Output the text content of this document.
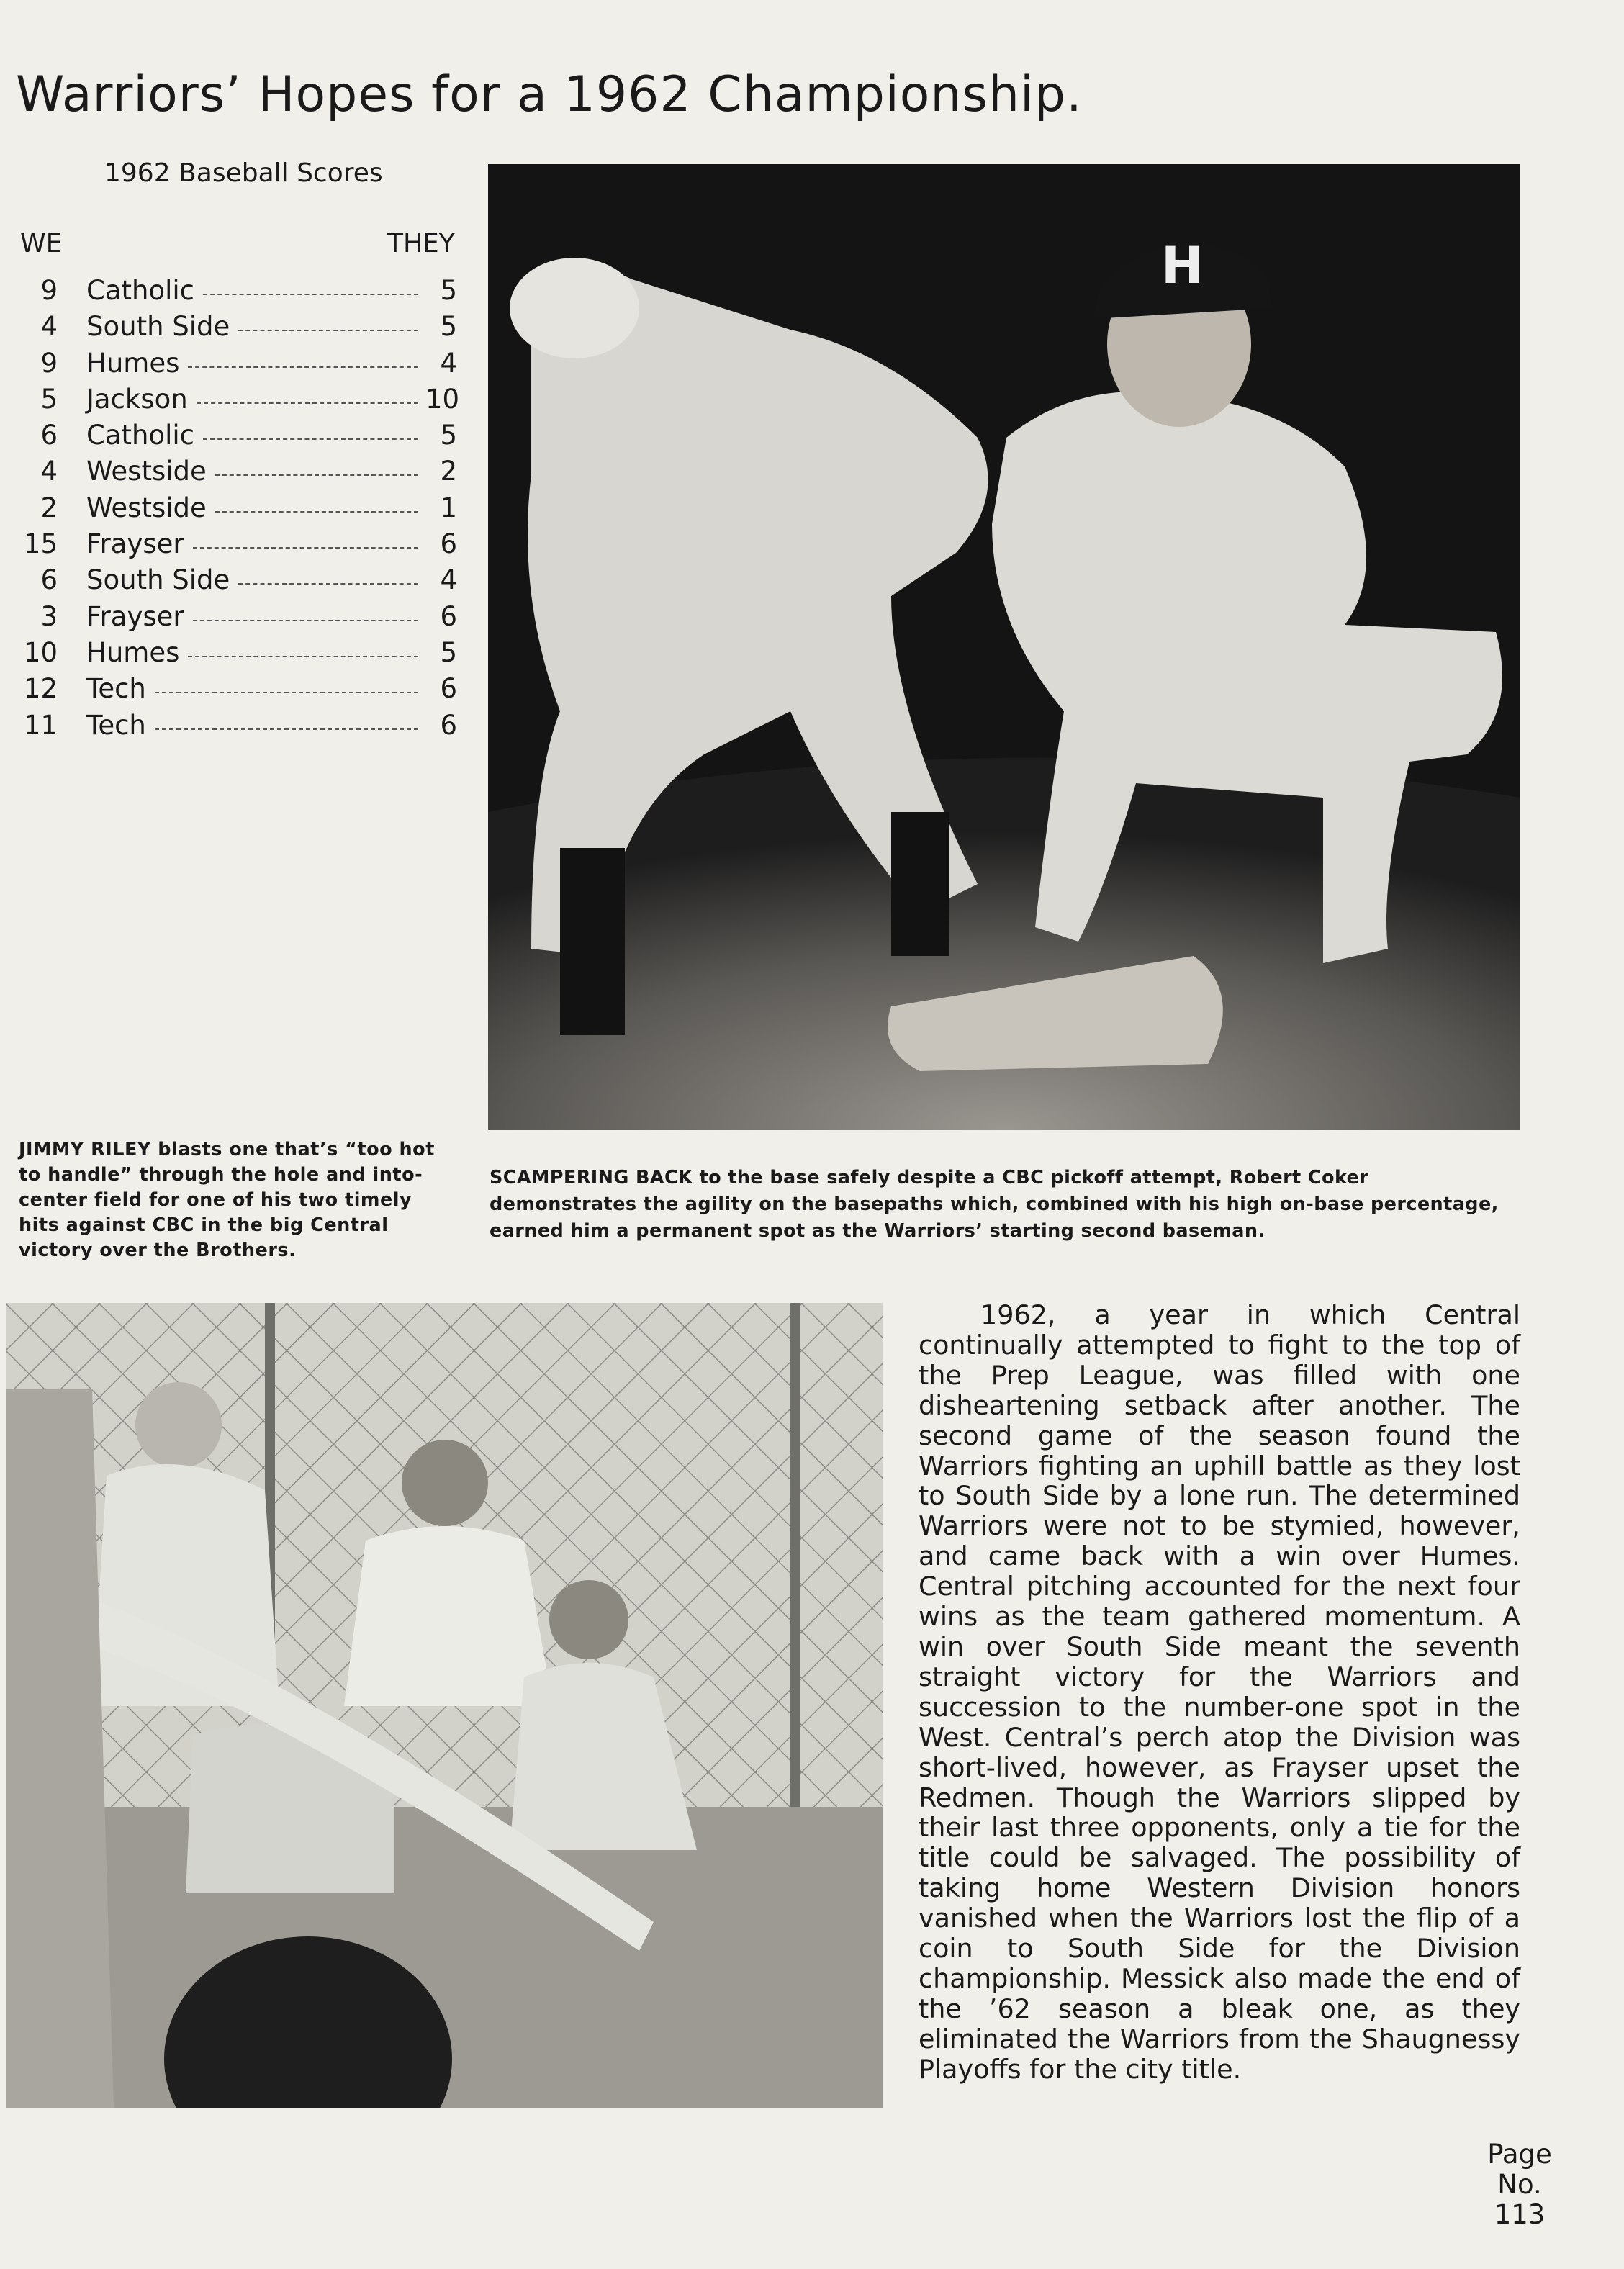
Warriors’ Hopes for a 1962 Championship.
1962 Baseball Scores
WE	THEY
9	Catholic	5
4	South Side	5
9	Humes	4
5	Jackson	10
6	Catholic	5
4	Westside	2
2	Westside	1
15	Frayser	6
6	South Side	4
3	Frayser	6
10	Humes	5
12	Tech	6
11	Tech	6
H
JIMMY RILEY blasts one that’s “too hot to handle” through the hole and into-center field for one of his two timely hits against CBC in the big Central victory over the Brothers.
SCAMPERING BACK to the base safely despite a CBC pickoff attempt, Robert Coker demonstrates the agility on the basepaths which, combined with his high on-base percentage, earned him a permanent spot as the Warriors’ starting second baseman.

1962, a year in which Central continually attempted to fight to the top of the Prep League, was filled with one disheartening setback after another. The second game of the season found the Warriors fighting an uphill battle as they lost to South Side by a lone run. The determined Warriors were not to be stymied, however, and came back with a win over Humes. Central pitching accounted for the next four wins as the team gathered momentum. A win over South Side meant the seventh straight victory for the Warriors and succession to the number-one spot in the West. Central’s perch atop the Division was short-lived, however, as Frayser upset the Redmen. Though the Warriors slipped by their last three opponents, only a tie for the title could be salvaged. The possibility of taking home Western Division honors vanished when the Warriors lost the flip of a coin to South Side for the Division championship. Messick also made the end of the ’62 season a bleak one, as they eliminated the Warriors from the Shaugnessy Playoffs for the city title.

Page
No.
113
